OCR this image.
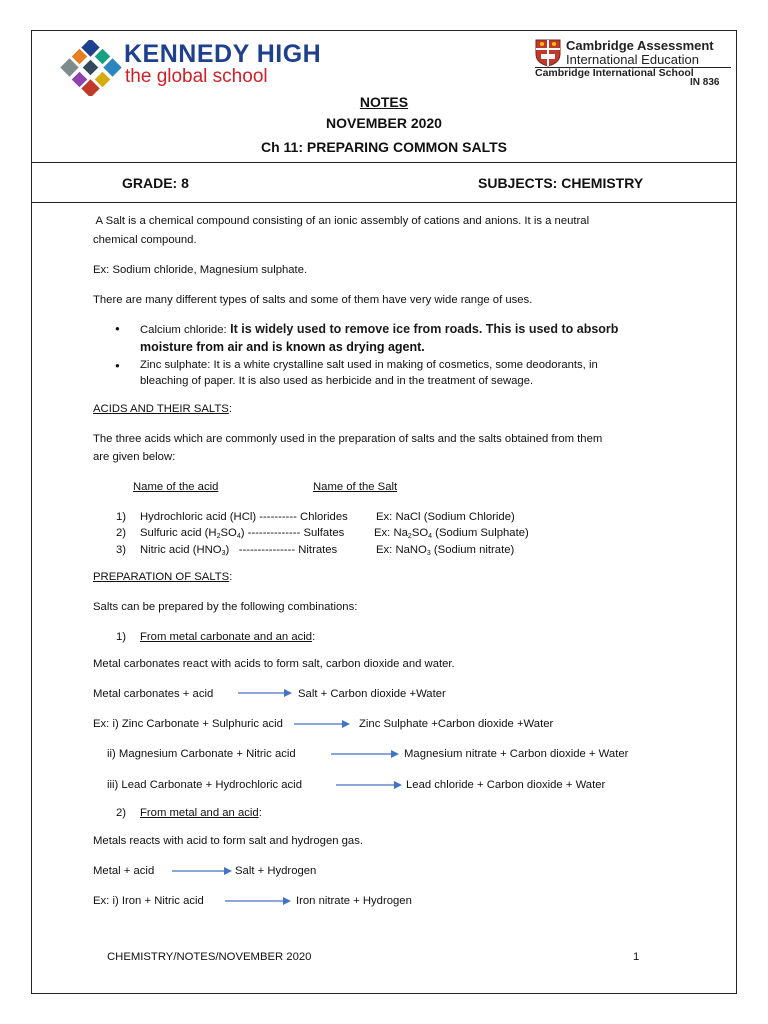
KENNEDY HIGH
the global school
Cambridge Assessment
International Education
Cambridge International School
IN 836
NOTES
NOVEMBER 2020
Ch 11: PREPARING COMMON SALTS
GRADE: 8	SUBJECTS: CHEMISTRY
A Salt is a chemical compound consisting of an ionic assembly of cations and anions. It is a neutral
chemical compound.
Ex: Sodium chloride, Magnesium sulphate.
There are many different types of salts and some of them have very wide range of uses.
● Calcium chloride: It is widely used to remove ice from roads. This is used to absorb
moisture from air and is known as drying agent.
● Zinc sulphate: It is a white crystalline salt used in making of cosmetics, some deodorants, in
bleaching of paper. It is also used as herbicide and in the treatment of sewage.
ACIDS AND THEIR SALTS:
The three acids which are commonly used in the preparation of salts and the salts obtained from them
are given below:
Name of the acid	Name of the Salt
1) Hydrochloric acid (HCl) ---------- Chlorides Ex: NaCl (Sodium Chloride)
2) Sulfuric acid $(H_2SO_4)$ -------------- Sulfates	Ex: $Na_2SO_4$ (Sodium Sulphate)
3) Nitric acid $(HNO_3)$ --------------- Nitrates	Ex: NaNO$_3$ (Sodium nitrate)
PREPARATION OF SALTS:
Salts can be prepared by the following combinations:
1) From metal carbonate and an acid:
Metal carbonates react with acids to form salt, carbon dioxide and water.
Metal carbonates + acid	Salt + Carbon dioxide +Water
Ex: i) Zinc Carbonate + Sulphuric acid	Zinc Sulphate +Carbon dioxide +Water
ii) Magnesium Carbonate + Nitric acid	Magnesium nitrate + Carbon dioxide + Water
iii) Lead Carbonate + Hydrochloric acid	Lead chloride + Carbon dioxide + Water
2) From metal and an acid:
Metals reacts with acid to form salt and hydrogen gas.
Metal + acid	Salt + Hydrogen
Ex: i) Iron + Nitric acid	Iron nitrate + Hydrogen
CHEMISTRY/NOTES/NOVEMBER 2020	1
